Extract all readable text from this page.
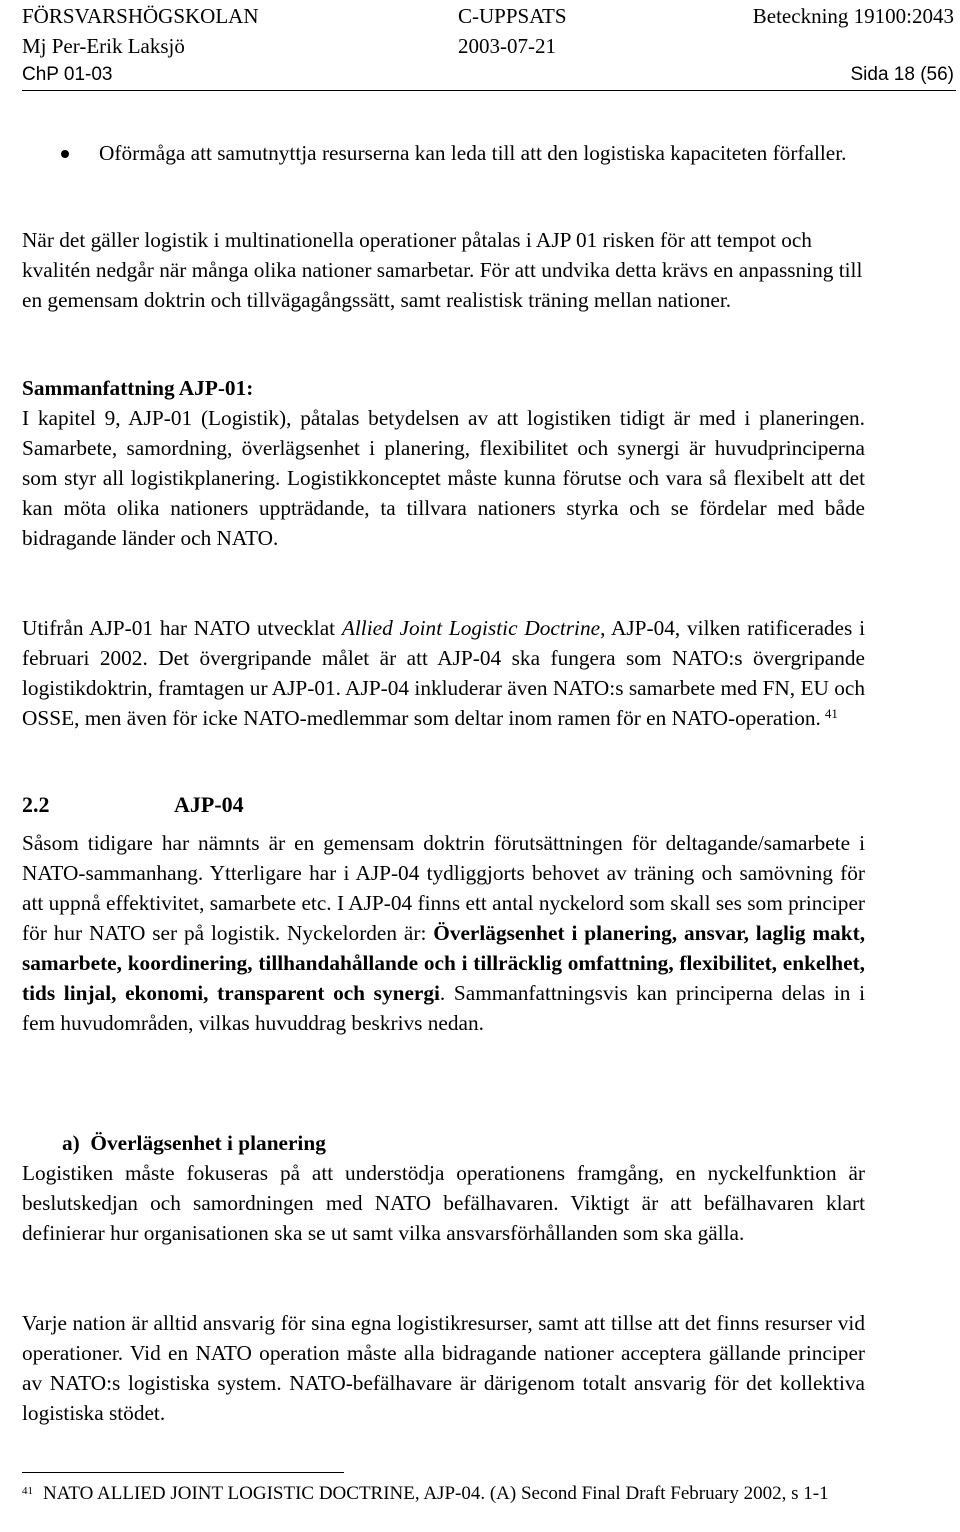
FÖRSVARSHÖGSKOLAN	C-UPPSATS	Beteckning 19100:2043
Mj Per-Erik Laksjö	2003-07-21
ChP 01-03	Sida 18 (56)
Oförmåga att samutnyttja resurserna kan leda till att den logistiska kapaciteten förfaller.
När det gäller logistik i multinationella operationer påtalas i AJP 01 risken för att tempot och kvalitén nedgår när många olika nationer samarbetar. För att undvika detta krävs en anpassning till en gemensam doktrin och tillvägagångssätt, samt realistisk träning mellan nationer.
Sammanfattning AJP-01:
I kapitel 9, AJP-01 (Logistik), påtalas betydelsen av att logistiken tidigt är med i planeringen. Samarbete, samordning, överlägsenhet i planering, flexibilitet och synergi är huvudprinciperna som styr all logistikplanering. Logistikkonceptet måste kunna förutse och vara så flexibelt att det kan möta olika nationers uppträdande, ta tillvara nationers styrka och se fördelar med både bidragande länder och NATO.
Utifrån AJP-01 har NATO utvecklat Allied Joint Logistic Doctrine, AJP-04, vilken ratificerades i februari 2002. Det övergripande målet är att AJP-04 ska fungera som NATO:s övergripande logistikdoktrin, framtagen ur AJP-01. AJP-04 inkluderar även NATO:s samarbete med FN, EU och OSSE, men även för icke NATO-medlemmar som deltar inom ramen för en NATO-operation. $^{41}$
2.2	AJP-04
Såsom tidigare har nämnts är en gemensam doktrin förutsättningen för deltagande/samarbete i NATO-sammanhang. Ytterligare har i AJP-04 tydliggjorts behovet av träning och samövning för att uppnå effektivitet, samarbete etc. I AJP-04 finns ett antal nyckelord som skall ses som principer för hur NATO ser på logistik. Nyckelorden är: Överlägsenhet i planering, ansvar, laglig makt, samarbete, koordinering, tillhandahållande och i tillräcklig omfattning, flexibilitet, enkelhet, tids linjal, ekonomi, transparent och synergi. Sammanfattningsvis kan principerna delas in i fem huvudområden, vilkas huvuddrag beskrivs nedan.
a) Överlägsenhet i planering
Logistiken måste fokuseras på att understödja operationens framgång, en nyckelfunktion är beslutskedjan och samordningen med NATO befälhavaren. Viktigt är att befälhavaren klart definierar hur organisationen ska se ut samt vilka ansvarsförhållanden som ska gälla.
Varje nation är alltid ansvarig för sina egna logistikresurser, samt att tillse att det finns resurser vid operationer. Vid en NATO operation måste alla bidragande nationer acceptera gällande principer av NATO:s logistiska system. NATO-befälhavare är därigenom totalt ansvarig för det kollektiva logistiska stödet.
$^{41}$ NATO ALLIED JOINT LOGISTIC DOCTRINE, AJP-04. (A) Second Final Draft February 2002, s 1-1
